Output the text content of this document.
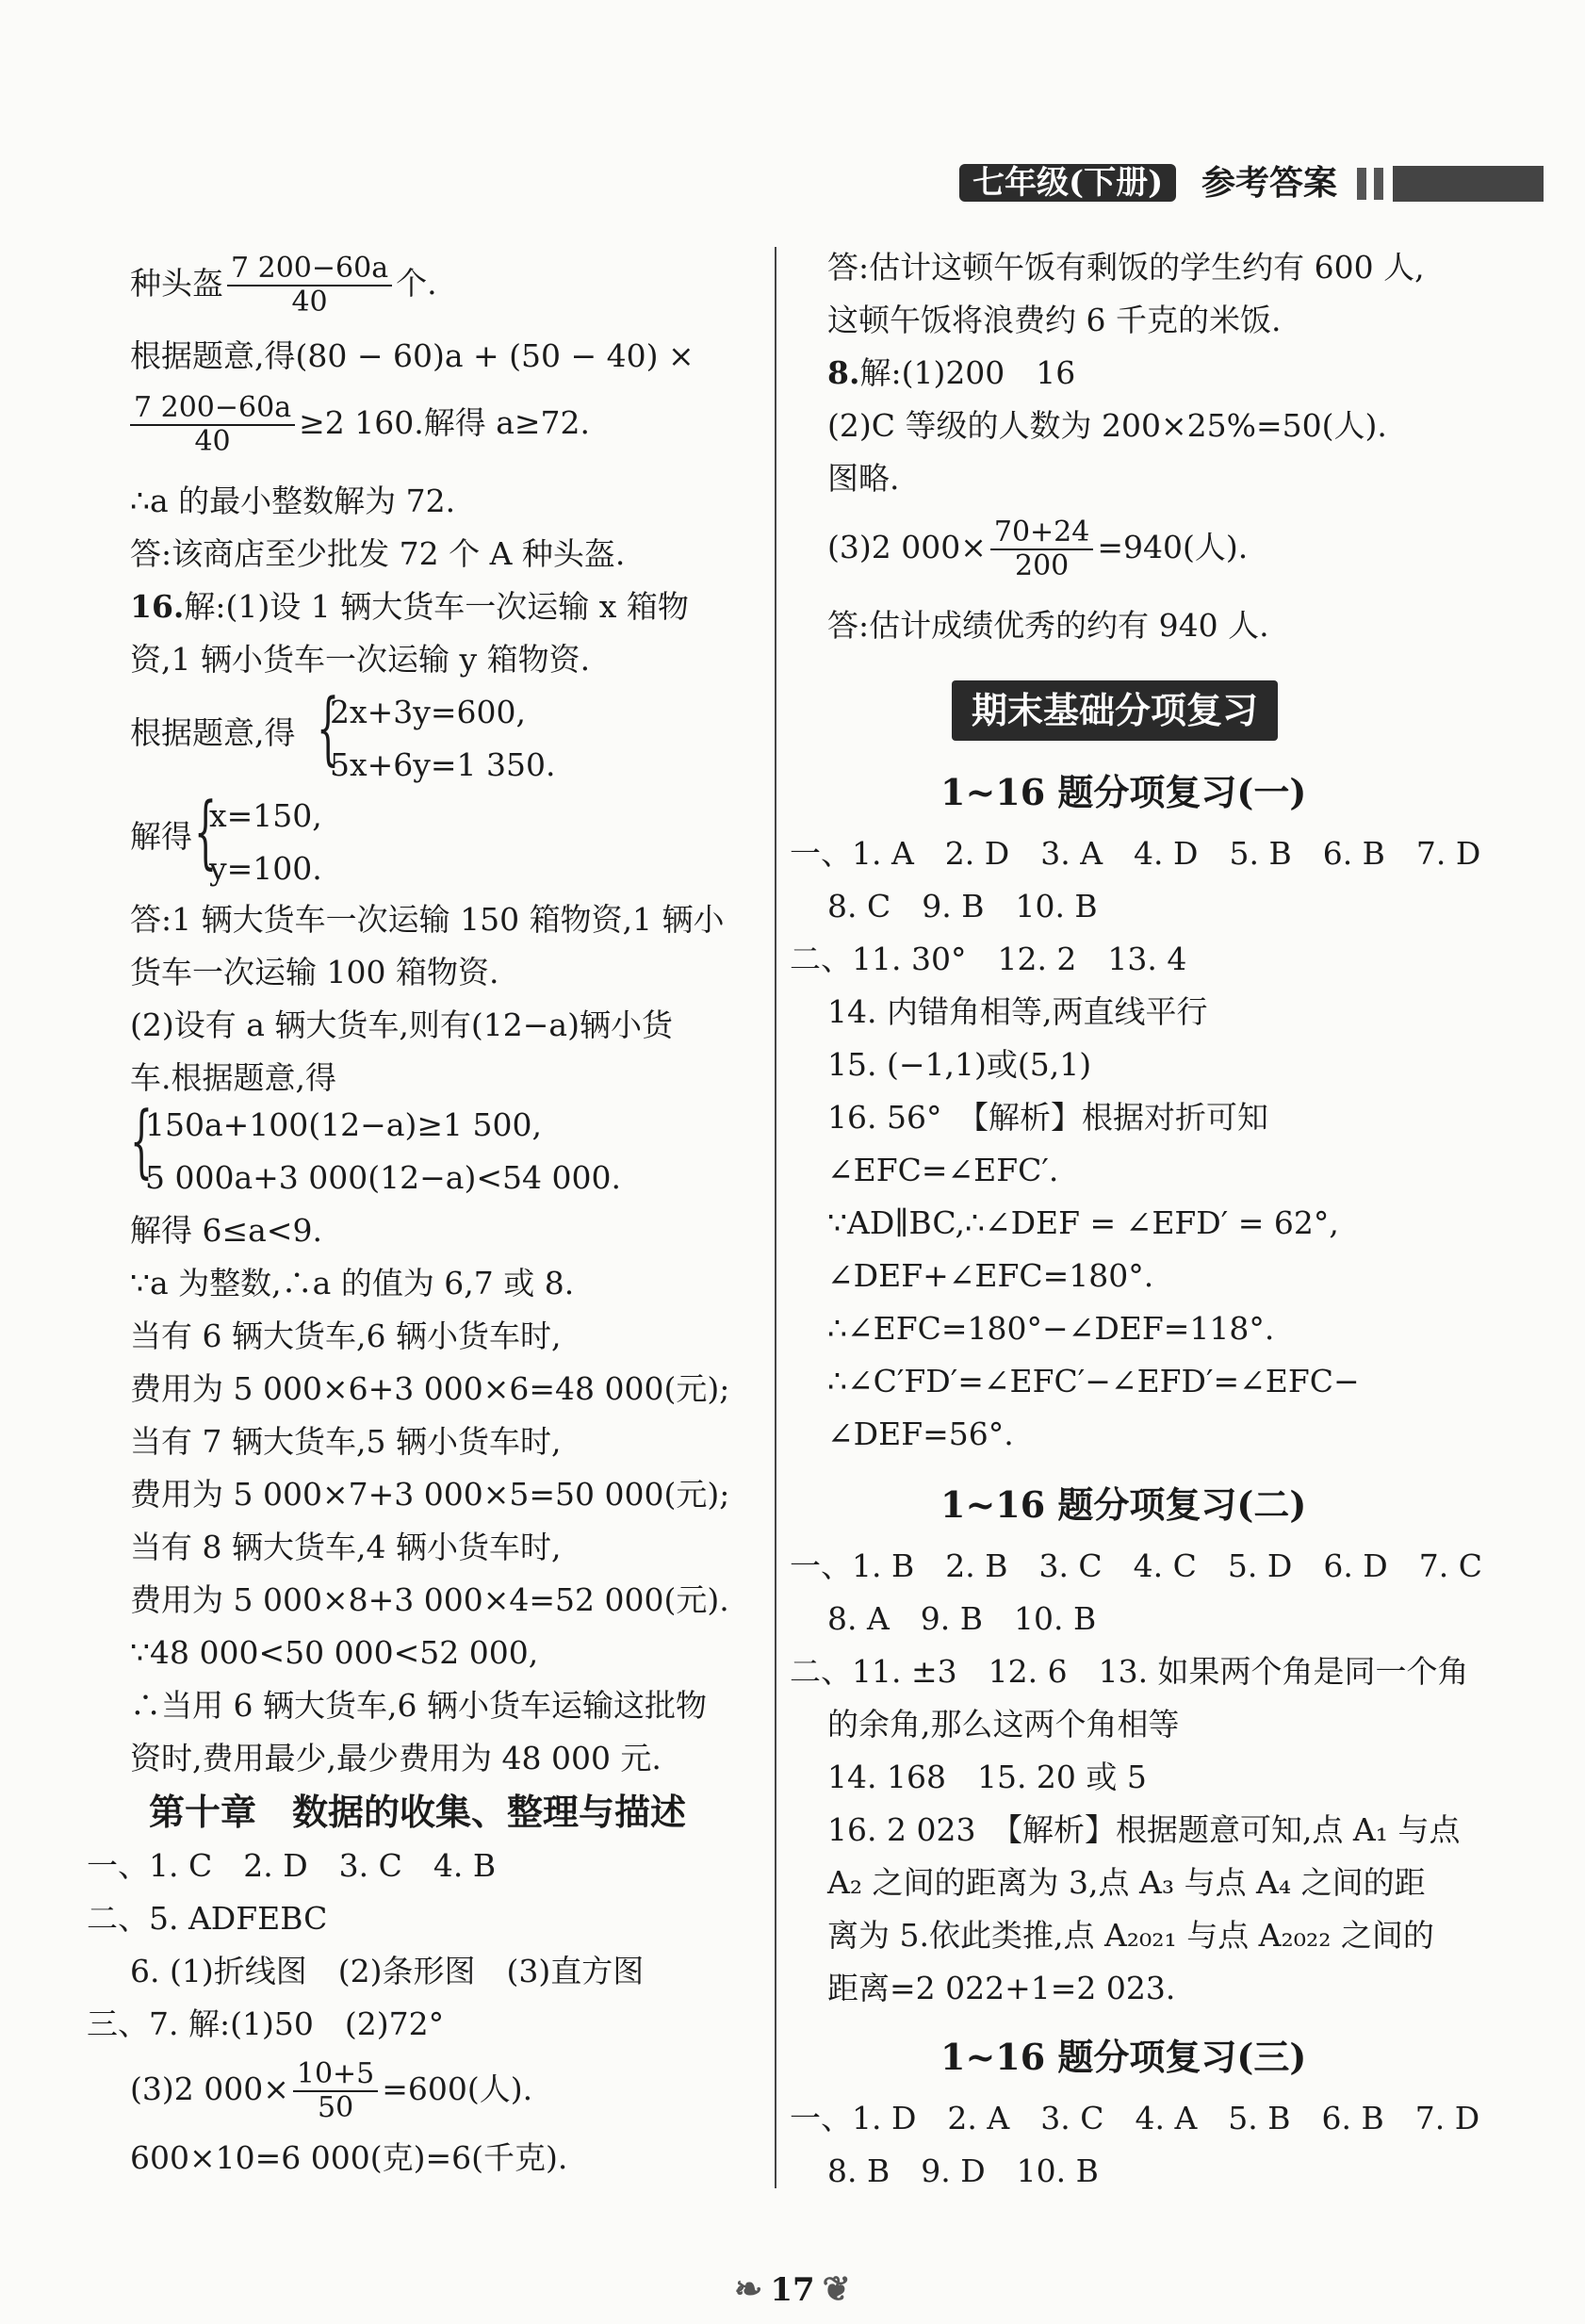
七年级(下册)	参考答案
种头盔 $\frac{7 200-60a}{40}$ 个.
根据题意,得(80 − 60)a + (50 − 40) ×
$\frac{7 200-60a}{40} \ge 2$ 160.解得 a≥72.
∴a 的最小整数解为 72.
答:该商店至少批发 72 个 A 种头盔.
16.解:(1)设 1 辆大货车一次运输 x 箱物
资,1 辆小货车一次运输 y 箱物资.
根据题意,得 {
2x+3y=600,
5x+6y=1 350.
解得 {
x=150,
y=100.
答:1 辆大货车一次运输 150 箱物资,1 辆小
货车一次运输 100 箱物资.
(2)设有 a 辆大货车,则有(12−a)辆小货
车.根据题意,得
{
150a+100(12−a)≥1 500,
5 000a+3 000(12−a)<54 000.
解得 6≤a<9.
∵a 为整数,∴a 的值为 6,7 或 8.
当有 6 辆大货车,6 辆小货车时,
费用为 5 000×6+3 000×6=48 000(元);
当有 7 辆大货车,5 辆小货车时,
费用为 5 000×7+3 000×5=50 000(元);
当有 8 辆大货车,4 辆小货车时,
费用为 5 000×8+3 000×4=52 000(元).
∵48 000<50 000<52 000,
∴当用 6 辆大货车,6 辆小货车运输这批物
资时,费用最少,最少费用为 48 000 元.
第十章　数据的收集、整理与描述
一、1. C　2. D　3. C　4. B
二、5. ADFEBC
6. (1)折线图　(2)条形图　(3)直方图
三、7. 解:(1)50　(2)72°
(3)2 $000\times \frac{10+5}{50} =600$(人).
600×10=6 000(克)=6(千克).
答:估计这顿午饭有剩饭的学生约有 600 人,
这顿午饭将浪费约 6 千克的米饭.
8.解:(1)200　16
(2)C 等级的人数为 200×25%=50(人).
图略.
(3)2 $000\times \frac{70+24}{200} =940$(人).
答:估计成绩优秀的约有 940 人.
期末基础分项复习
1~16 题分项复习(一)
一、1. A　2. D　3. A　4. D　5. B　6. B　7. D
8. C　9. B　10. B
二、11. 30°　12. 2　13. 4
14. 内错角相等,两直线平行
15. (−1,1)或(5,1)
16. 56°　【解析】根据对折可知
∠EFC=∠EFC′.
∵AD∥BC,∴∠DEF = ∠EFD′ = 62°,
∠DEF+∠EFC=180°.
∴∠EFC=180°−∠DEF=118°.
∴∠C′FD′=∠EFC′−∠EFD′=∠EFC−
∠DEF=56°.
1~16 题分项复习(二)
一、1. B　2. B　3. C　4. C　5. D　6. D　7. C
8. A　9. B　10. B
二、11. ±3　12. 6　13. 如果两个角是同一个角
的余角,那么这两个角相等
14. 168　15. 20 或 5
16. 2 023　【解析】根据题意可知,点 A₁ 与点
A₂ 之间的距离为 3,点 A₃ 与点 A₄ 之间的距
离为 5.依此类推,点 A₂₀₂₁ 与点 A₂₀₂₂ 之间的
距离=2 022+1=2 023.
1~16 题分项复习(三)
一、1. D　2. A　3. C　4. A　5. B　6. B　7. D
8. B　9. D　10. B
❧ 17 ❦
